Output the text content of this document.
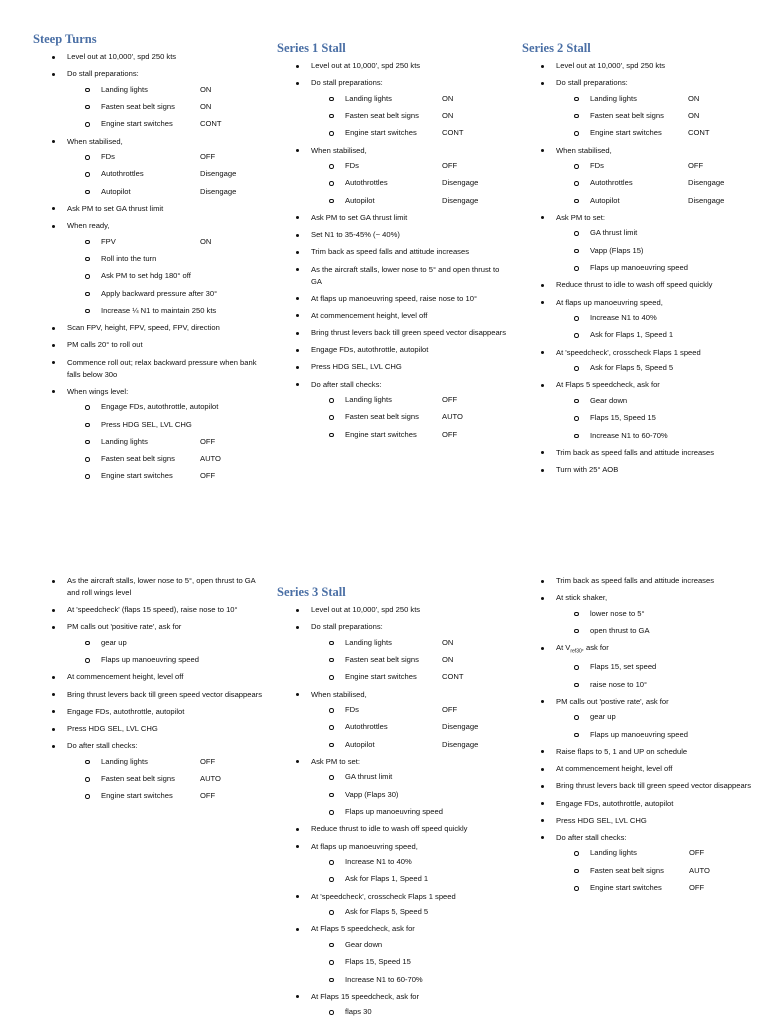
Steep Turns
Level out at 10,000', spd 250 kts
Do stall preparations:
Landing lights	ON
Fasten seat belt signs	ON
Engine start switches	CONT
When stabilised,
FDs	OFF
Autothrottles	Disengage
Autopilot	Disengage
Ask PM to set GA thrust limit
When ready,
FPV	ON
Roll into the turn
Ask PM to set hdg 180° off
Apply backward pressure after 30°
Increase ¼ N1 to maintain 250 kts
Scan FPV, height, FPV, speed, FPV, direction
PM calls 20° to roll out
Commence roll out; relax backward pressure when bank falls below 30o
When wings level:
Engage FDs, autothrottle, autopilot
Press HDG SEL, LVL CHG
Landing lights	OFF
Fasten seat belt signs	AUTO
Engine start switches	OFF
Series 1 Stall
Level out at 10,000', spd 250 kts
Do stall preparations:
Landing lights	ON
Fasten seat belt signs	ON
Engine start switches	CONT
When stabilised,
FDs	OFF
Autothrottles	Disengage
Autopilot	Disengage
Ask PM to set GA thrust limit
Set N1 to 35-45% (~ 40%)
Trim back as speed falls and attitude increases
As the aircraft stalls, lower nose to 5° and open thrust to GA
At flaps up manoeuvring speed, raise nose to 10°
At commencement height, level off
Bring thrust levers back till green speed vector disappears
Engage FDs, autothrottle, autopilot
Press HDG SEL, LVL CHG
Do after stall checks:
Landing lights	OFF
Fasten seat belt signs	AUTO
Engine start switches	OFF
Series 2 Stall
Level out at 10,000', spd 250 kts
Do stall preparations:
Landing lights	ON
Fasten seat belt signs	ON
Engine start switches	CONT
When stabilised,
FDs	OFF
Autothrottles	Disengage
Autopilot	Disengage
Ask PM to set:
GA thrust limit
Vapp (Flaps 15)
Flaps up manoeuvring speed
Reduce thrust to idle to wash off speed quickly
At flaps up manoeuvring speed,
Increase N1 to 40%
Ask for Flaps 1, Speed 1
At 'speedcheck', crosscheck Flaps 1 speed
Ask for Flaps 5, Speed 5
At Flaps 5 speedcheck, ask for
Gear down
Flaps 15, Speed 15
Increase N1 to 60-70%
Trim back as speed falls and attitude increases
Turn with 25° AOB
As the aircraft stalls, lower nose to 5°, open thrust to GA and roll wings level
At 'speedcheck' (flaps 15 speed), raise nose to 10°
PM calls out 'positive rate', ask for
gear up
Flaps up manoeuvring speed
At commencement height, level off
Bring thrust levers back till green speed vector disappears
Engage FDs, autothrottle, autopilot
Press HDG SEL, LVL CHG
Do after stall checks:
Landing lights	OFF
Fasten seat belt signs	AUTO
Engine start switches	OFF
Series 3 Stall
Level out at 10,000', spd 250 kts
Do stall preparations:
Landing lights	ON
Fasten seat belt signs	ON
Engine start switches	CONT
When stabilised,
FDs	OFF
Autothrottles	Disengage
Autopilot	Disengage
Ask PM to set:
GA thrust limit
Vapp (Flaps 30)
Flaps up manoeuvring speed
Reduce thrust to idle to wash off speed quickly
At flaps up manoeuvring speed,
Increase N1 to 40%
Ask for Flaps 1, Speed 1
At 'speedcheck', crosscheck Flaps 1 speed
Ask for Flaps 5, Speed 5
At Flaps 5 speedcheck, ask for
Gear down
Flaps 15, Speed 15
Increase N1 to 60-70%
At Flaps 15 speedcheck, ask for
flaps 30
Trim back as speed falls and attitude increases
At stick shaker,
lower nose to 5°
open thrust to GA
At $V_{ref30}$, ask for
Flaps 15, set speed
raise nose to 10°
PM calls out 'postive rate', ask for
gear up
Flaps up manoeuvring speed
Raise flaps to 5, 1 and UP on schedule
At commencement height, level off
Bring thrust levers back till green speed vector disappears
Engage FDs, autothrottle, autopilot
Press HDG SEL, LVL CHG
Do after stall checks:
Landing lights	OFF
Fasten seat belt signs	AUTO
Engine start switches	OFF
